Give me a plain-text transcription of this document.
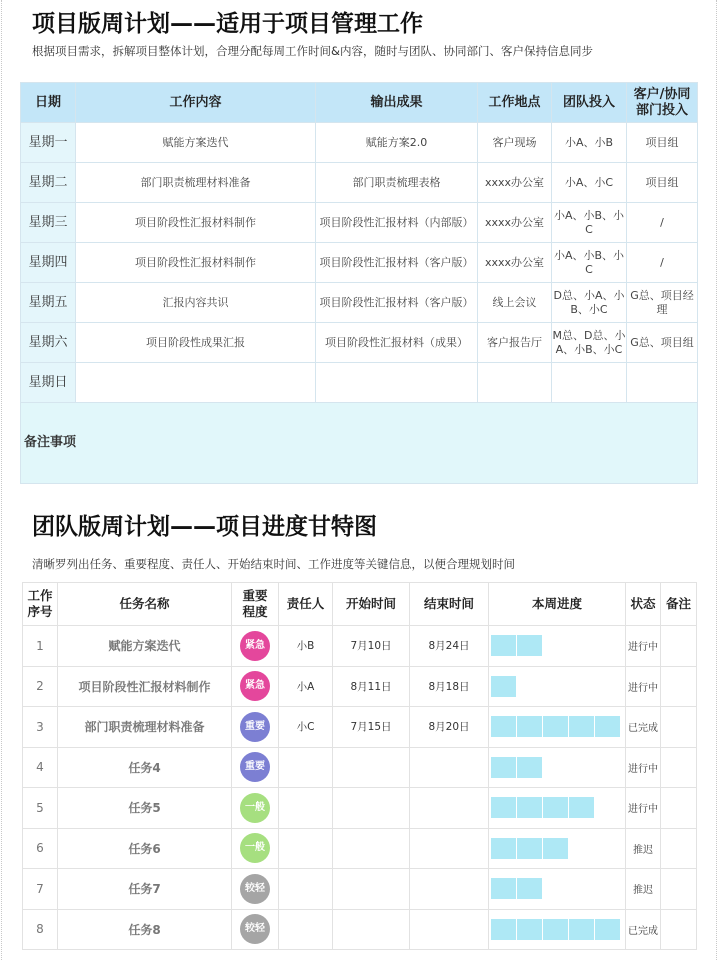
项目版周计划——适用于项目管理工作
根据项目需求，拆解项目整体计划，合理分配每周工作时间&内容，随时与团队、协同部门、客户保持信息同步
日期	工作内容	输出成果	工作地点	团队投入	客户/协同部门投入
星期一	赋能方案迭代	赋能方案2.0	客户现场	小A、小B	项目组
星期二	部门职责梳理材料准备	部门职责梳理表格	xxxx办公室	小A、小C	项目组
星期三	项目阶段性汇报材料制作	项目阶段性汇报材料（内部版）	xxxx办公室	小A、小B、小C	/
星期四	项目阶段性汇报材料制作	项目阶段性汇报材料（客户版）	xxxx办公室	小A、小B、小C	/
星期五	汇报内容共识	项目阶段性汇报材料（客户版）	线上会议	D总、小A、小B、小C	G总、项目经理
星期六	项目阶段性成果汇报	项目阶段性汇报材料（成果）	客户报告厅	M总、D总、小A、小B、小C	G总、项目组
星期日					
备注事项					
团队版周计划——项目进度甘特图
清晰罗列出任务、重要程度、责任人、开始结束时间、工作进度等关键信息，以便合理规划时间
工作序号	任务名称	重要程度	责任人	开始时间	结束时间	本周进度	状态	备注
1	赋能方案迭代	紧急	小B	7月10日	8月24日		进行中	
2	项目阶段性汇报材料制作	紧急	小A	8月11日	8月18日		进行中	
3	部门职责梳理材料准备	重要	小C	7月15日	8月20日		已完成	
4	任务4	重要					进行中	
5	任务5	一般					进行中	
6	任务6	一般					推迟	
7	任务7	较轻					推迟	
8	任务8	较轻					已完成	
